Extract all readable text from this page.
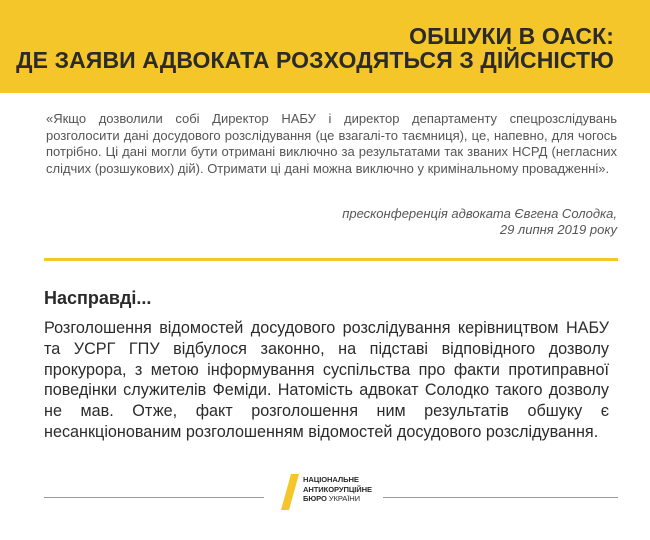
ОБШУКИ В ОАСК:
ДЕ ЗАЯВИ АДВОКАТА РОЗХОДЯТЬСЯ З ДІЙСНІСТЮ

«Якщо дозволили собі Директор НАБУ і директор департаменту спецрозслідувань розголосити дані досудового розслідування (це взагалі-то таємниця), це, напевно, для чогось потрібно. Ці дані могли бути отримані виключно за результатами так званих НСРД (негласних слідчих (розшукових) дій). Отримати ці дані можна виключно у кримінальному провадженні».

пресконференція адвоката Євгена Солодка,
29 липня 2019 року

Насправді...

Розголошення відомостей досудового розслідування керівництвом НАБУ та УСРГ ГПУ відбулося законно, на підставі відповідного дозволу прокурора, з метою інформування суспільства про факти протиправної поведінки служителів Феміди. Натомість адвокат Солодко такого дозволу не мав. Отже, факт розголошення ним результатів обшуку є несанкціонованим розголошенням відомостей досудового розслідування.

НАЦІОНАЛЬНЕ
АНТИКОРУПЦІЙНЕ
БЮРО УКРАЇНИ
